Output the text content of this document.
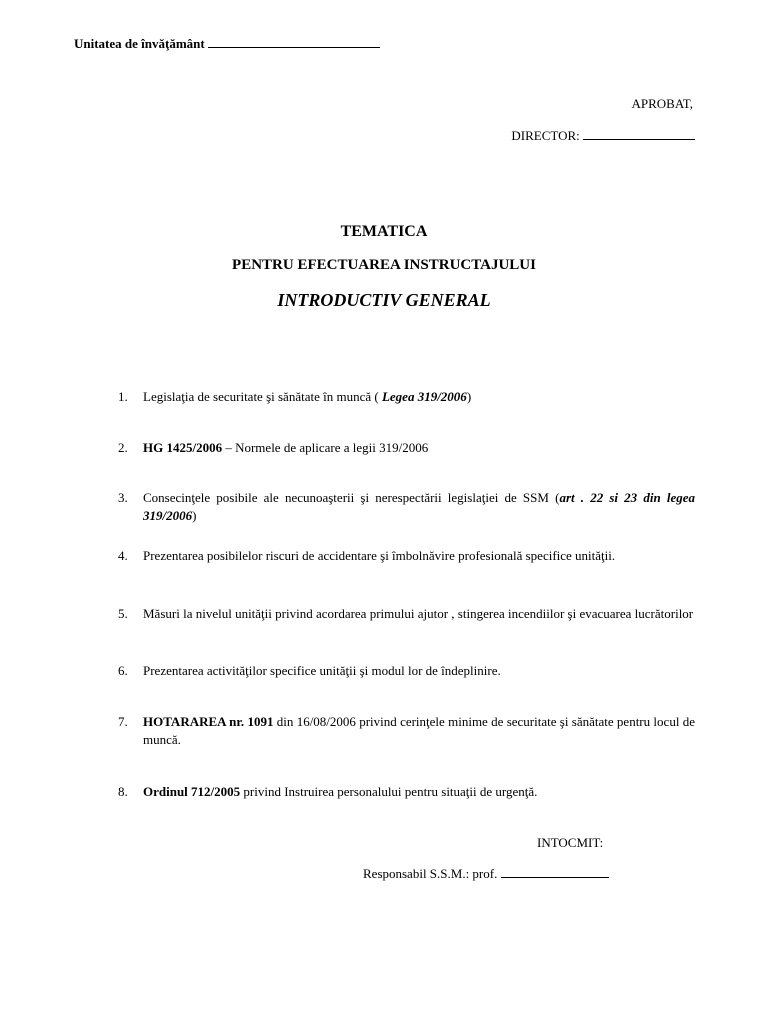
Unitatea de învăţământ
APROBAT,
DIRECTOR:
TEMATICA
PENTRU EFECTUAREA INSTRUCTAJULUI
INTRODUCTIV GENERAL
1. Legislaţia de securitate şi sănătate în muncă ( Legea 319/2006)
2. HG 1425/2006 – Normele de aplicare a legii 319/2006
3. Consecinţele posibile ale necunoaşterii şi nerespectării legislaţiei de SSM (art . 22 si 23 din legea 319/2006)
4. Prezentarea posibilelor riscuri de accidentare şi îmbolnăvire profesională specifice unităţii.
5. Măsuri la nivelul unităţii privind acordarea primului ajutor , stingerea incendiilor şi evacuarea lucrătorilor
6. Prezentarea activităţilor specifice unităţii şi modul lor de îndeplinire.
7. HOTARAREA nr. 1091 din 16/08/2006 privind cerinţele minime de securitate şi sănătate pentru locul de muncă.
8. Ordinul 712/2005 privind Instruirea personalului pentru situaţii de urgenţă.
INTOCMIT:
Responsabil S.S.M.: prof.
